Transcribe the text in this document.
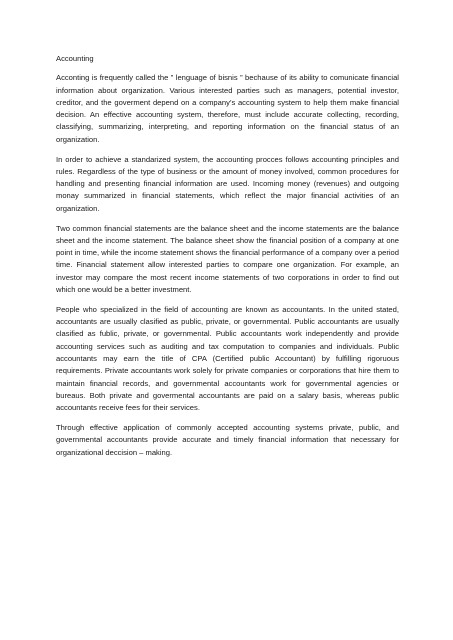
Accounting

Acconting is frequently called the ” lenguage of bisnis ” bechause of its ability to comunicate financial information about organization. Various interested parties such as managers, potential investor, creditor, and the goverment depend on a company’s accounting system to help them make financial decision. An effective accounting system, therefore, must include accurate collecting, recording, classifying, summarizing, interpreting, and reporting information on the financial status of an organization.

In order to achieve a standarized system, the accounting procces follows accounting principles and rules. Regardless of the type of business or the amount of money involved, common procedures for handling and presenting financial information are used. Incoming money (revenues) and outgoing monay summarized in financial statements, which reflect the major financial activities of an organization.

Two common financial statements are the balance sheet and the income statements are the balance sheet and the income statement. The balance sheet show the financial position of a company at one point in time, while the income statement shows the financial performance of a company over a period time. Financial statement allow interested parties to compare one organization. For example, an investor may compare the most recent income statements of two corporations in order to find out which one would be a better investment.

People who specialized in the field of accounting are known as accountants. In the united stated, accountants are usually clasified as public, private, or governmental. Public accountants are usually clasified as fublic, private, or governmental. Public accountants work independently and provide accounting services such as auditing and tax computation to companies and individuals. Public accountants may earn the title of CPA (Certified public Accountant) by fulfilling rigoruous requirements. Private accountants work solely for private companies or corporations that hire them to maintain financial records, and governmental accountants work for governmental agencies or bureaus. Both private and govermental accountants are paid on a salary basis, whereas public accountants receive fees for their services.

Through effective application of commonly accepted accounting systems private, public, and governmental accountants provide accurate and timely financial information that necessary for organizational deccision – making.
